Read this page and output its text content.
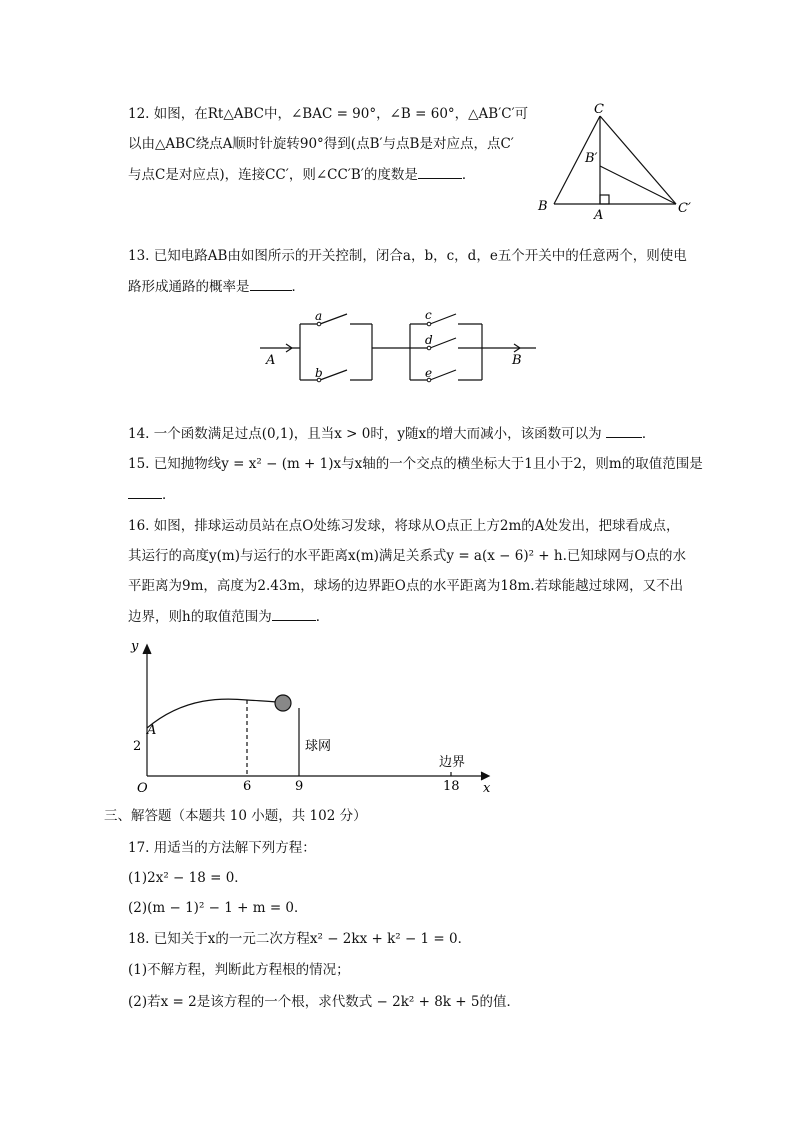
12. 如图，在Rt△ABC中，∠BAC = 90°，∠B = 60°，△AB′C′可
以由△ABC绕点A顺时针旋转90°得到(点B′与点B是对应点，点C′
与点C是对应点)，连接CC′，则∠CC′B′的度数是	．
C
B′
B
A	C′
13. 已知电路AB由如图所示的开关控制，闭合a，b，c，d，e五个开关中的任意两个，则使电
路形成通路的概率是	．
A	B
a
b
c
d
e
14. 一个函数满足过点(0,1)，且当x > 0时，y随x的增大而减小，该函数可以为	．
15. 已知抛物线y = x² − (m + 1)x与x轴的一个交点的横坐标大于1且小于2，则m的取值范围是
．
16. 如图，排球运动员站在点O处练习发球，将球从O点正上方2m的A处发出，把球看成点，
其运行的高度y(m)与运行的水平距离x(m)满足关系式y = a(x − 6)² + h.已知球网与O点的水
平距离为9m，高度为2.43m，球场的边界距O点的水平距离为18m.若球能越过球网，又不出
边界，则h的取值范围为	．
y
x
O
A
2
6	9	18
球网
边界
三、解答题（本题共 10 小题，共 102 分）
17. 用适当的方法解下列方程：
(1)2x² − 18 = 0．
(2)(m − 1)² − 1 + m = 0．
18. 已知关于x的一元二次方程x² − 2kx + k² − 1 = 0．
(1)不解方程，判断此方程根的情况；
(2)若x = 2是该方程的一个根，求代数式 − 2k² + 8k + 5的值．
